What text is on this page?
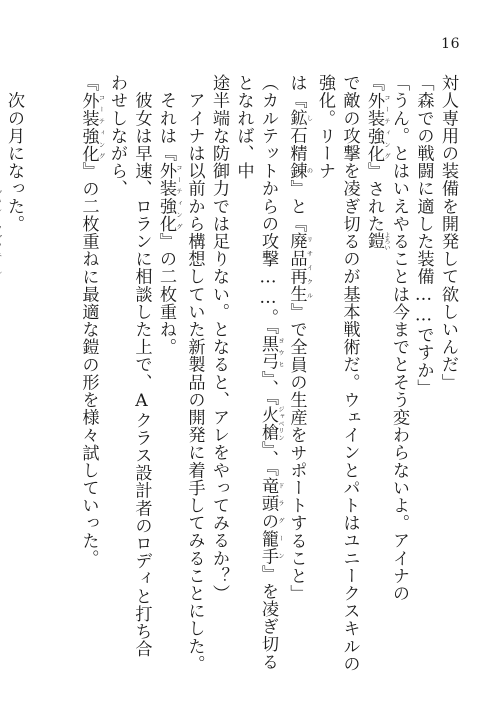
16
対人専用の装備を開発して欲しいんだ」
「森での戦闘に適した装備……ですか」
「うん。とはいえやることは今までとそう変わらないよ。アイナの『外装強化 コーティング』された鎧 よろい
で敵の攻撃を凌ぎ切るのが基本戦術だ。ウェインとパトはユニークスキルの強化。リーナ
は『鉱石精錬 しの』と『廃品再生 リサイクル』で全員の生産をサポートすること」
（カルテットからの攻撃……。『黒弓 ヨウヒ』、『火槍 ジャベリン』、『竜頭の籠手 ドラグーン』を凌ぎ切るとなれば、中
途半端な防御力では足りない。となると、アレをやってみるか？）
　アイナは以前から構想していた新製品の開発に着手してみることにした。
　それは『外装強化 コーティング』の二枚重ね。
　彼女は早速、ロランに相談した上で、Aクラス設計者のロディと打ち合わせしながら、
『外装強化 コーティング』の二枚重ねに最適な鎧の形を様々試していった。
　次の月になった。
